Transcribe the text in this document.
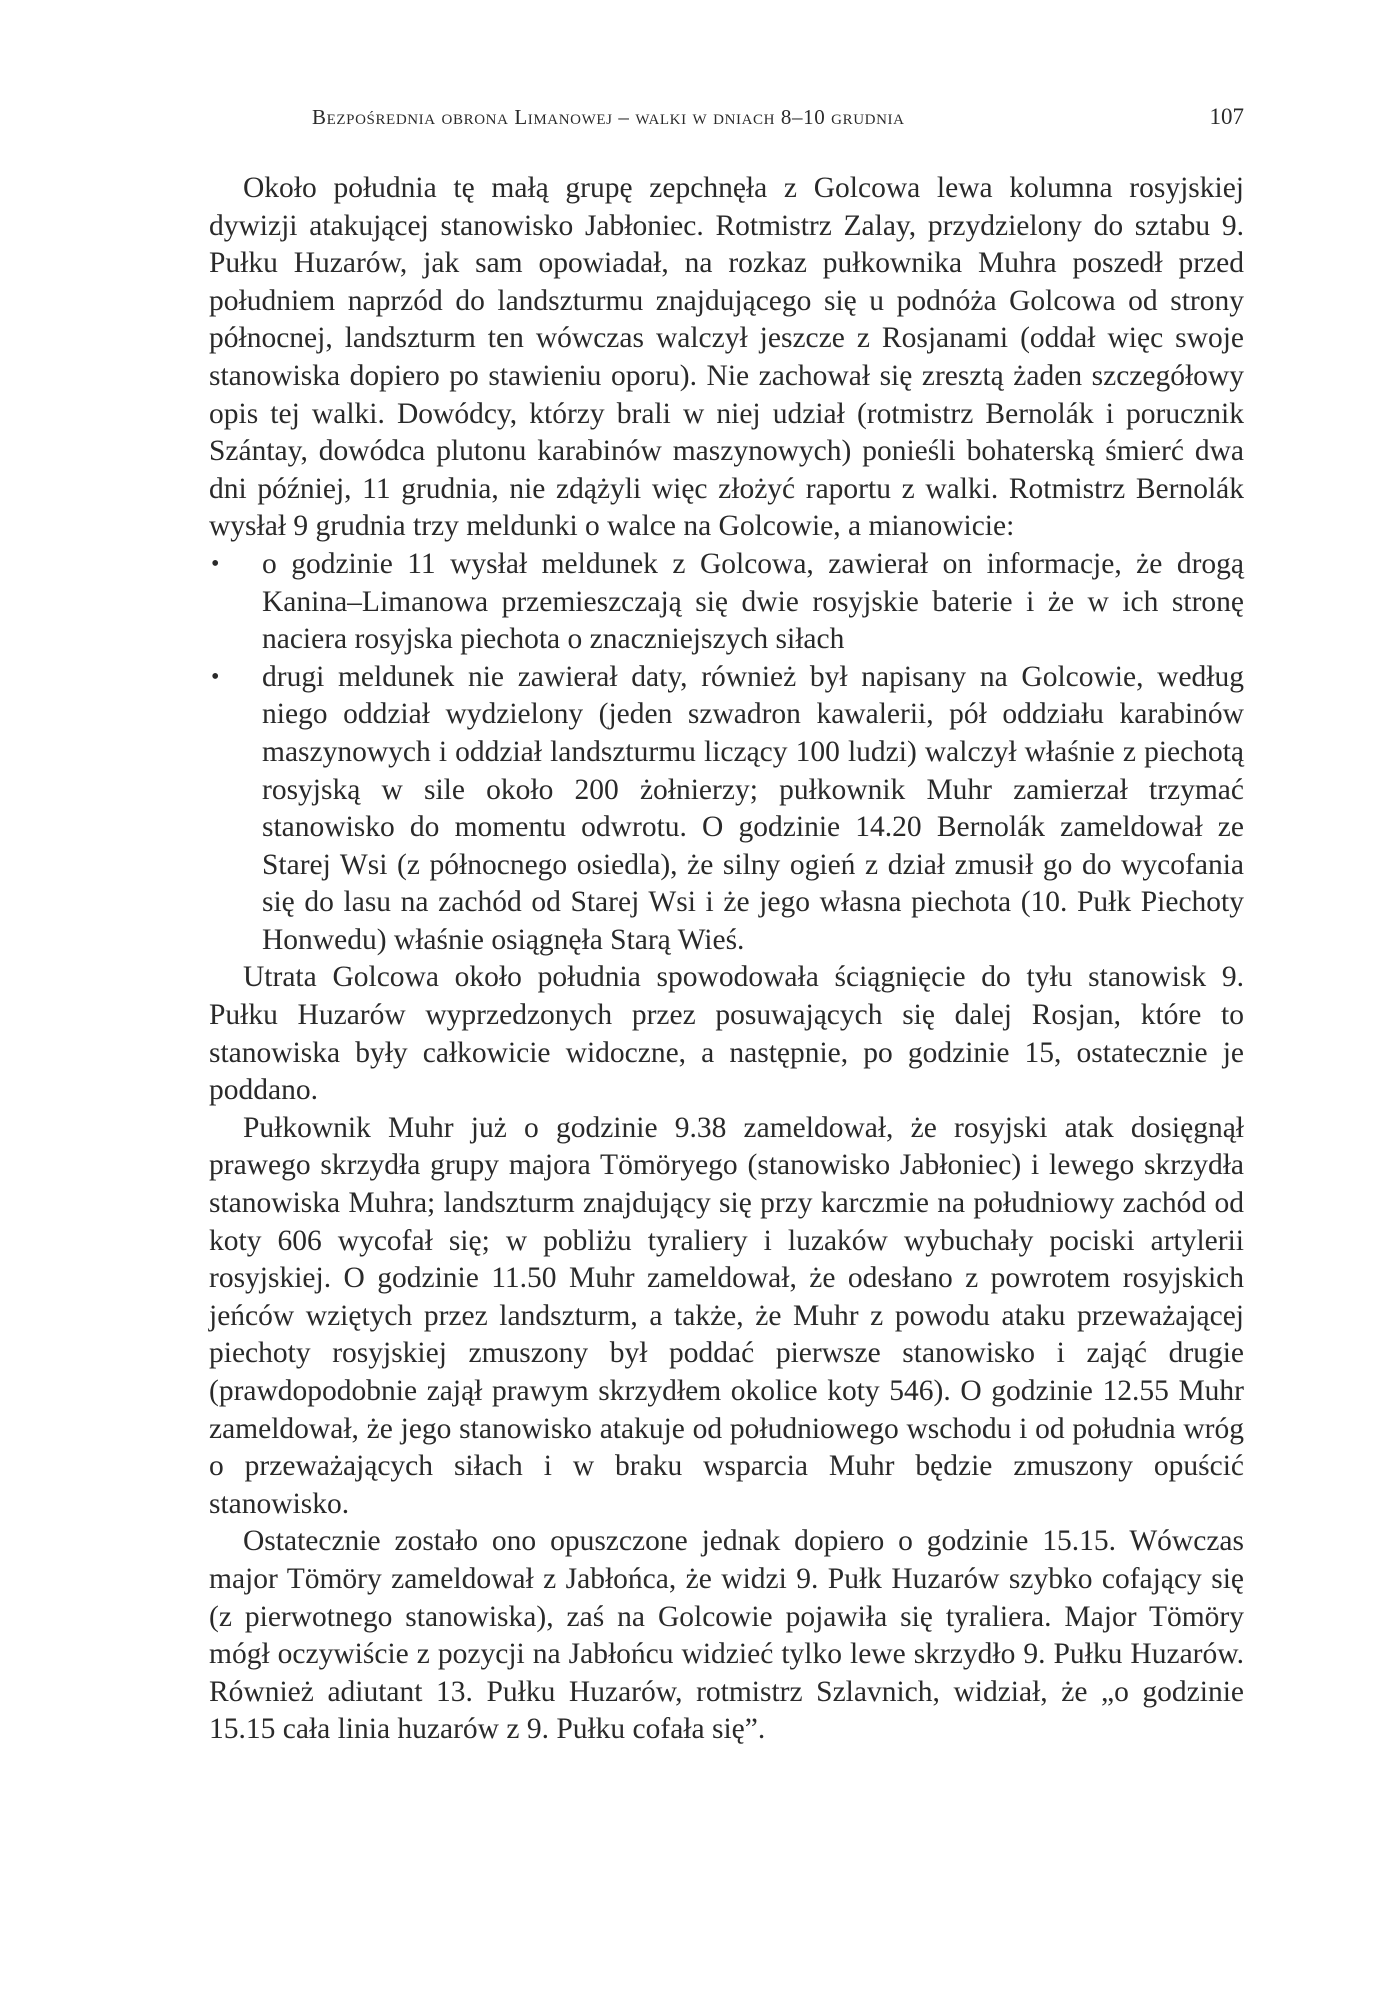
Bezpośrednia obrona Limanowej – walki w dniach 8–10 grudnia	107

Około południa tę małą grupę zepchnęła z Golcowa lewa kolumna rosyjskiej dywizji atakującej stanowisko Jabłoniec. Rotmistrz Zalay, przydzielony do sztabu 9. Pułku Huzarów, jak sam opowiadał, na rozkaz pułkownika Muhra poszedł przed południem naprzód do landszturmu znajdującego się u podnóża Golcowa od strony północnej, landszturm ten wówczas walczył jeszcze z Rosjanami (oddał więc swoje stanowiska dopiero po stawieniu oporu). Nie zachował się zresztą żaden szczegółowy opis tej walki. Dowódcy, którzy brali w niej udział (rotmistrz Bernolák i porucznik Szántay, dowódca plutonu karabinów maszynowych) ponieśli bohaterską śmierć dwa dni później, 11 grudnia, nie zdążyli więc złożyć raportu z walki. Rotmistrz Bernolák wysłał 9 grudnia trzy meldunki o walce na Golcowie, a mianowicie:

• o godzinie 11 wysłał meldunek z Golcowa, zawierał on informacje, że drogą Kanina–Limanowa przemieszczają się dwie rosyjskie baterie i że w ich stronę naciera rosyjska piechota o znaczniejszych siłach
• drugi meldunek nie zawierał daty, również był napisany na Golcowie, według niego oddział wydzielony (jeden szwadron kawalerii, pół oddziału karabinów maszynowych i oddział landszturmu liczący 100 ludzi) walczył właśnie z piechotą rosyjską w sile około 200 żołnierzy; pułkownik Muhr zamierzał trzymać stanowisko do momentu odwrotu. O godzinie 14.20 Bernolák zameldował ze Starej Wsi (z północnego osiedla), że silny ogień z dział zmusił go do wycofania się do lasu na zachód od Starej Wsi i że jego własna piechota (10. Pułk Piechoty Honwedu) właśnie osiągnęła Starą Wieś.

Utrata Golcowa około południa spowodowała ściągnięcie do tyłu stanowisk 9. Pułku Huzarów wyprzedzonych przez posuwających się dalej Rosjan, które to stanowiska były całkowicie widoczne, a następnie, po godzinie 15, ostatecznie je poddano.

Pułkownik Muhr już o godzinie 9.38 zameldował, że rosyjski atak dosięgnął prawego skrzydła grupy majora Tömöryego (stanowisko Jabłoniec) i lewego skrzydła stanowiska Muhra; landszturm znajdujący się przy karczmie na południowy zachód od koty 606 wycofał się; w pobliżu tyraliery i luzaków wybuchały pociski artylerii rosyjskiej. O godzinie 11.50 Muhr zameldował, że odesłano z powrotem rosyjskich jeńców wziętych przez landszturm, a także, że Muhr z powodu ataku przeważającej piechoty rosyjskiej zmuszony był poddać pierwsze stanowisko i zająć drugie (prawdopodobnie zajął prawym skrzydłem okolice koty 546). O godzinie 12.55 Muhr zameldował, że jego stanowisko atakuje od południowego wschodu i od południa wróg o przeważających siłach i w braku wsparcia Muhr będzie zmuszony opuścić stanowisko.

Ostatecznie zostało ono opuszczone jednak dopiero o godzinie 15.15. Wówczas major Tömöry zameldował z Jabłońca, że widzi 9. Pułk Huzarów szybko cofający się (z pierwotnego stanowiska), zaś na Golcowie pojawiła się tyraliera. Major Tömöry mógł oczywiście z pozycji na Jabłońcu widzieć tylko lewe skrzydło 9. Pułku Huzarów. Również adiutant 13. Pułku Huzarów, rotmistrz Szlavnich, widział, że „o godzinie 15.15 cała linia huzarów z 9. Pułku cofała się”.
